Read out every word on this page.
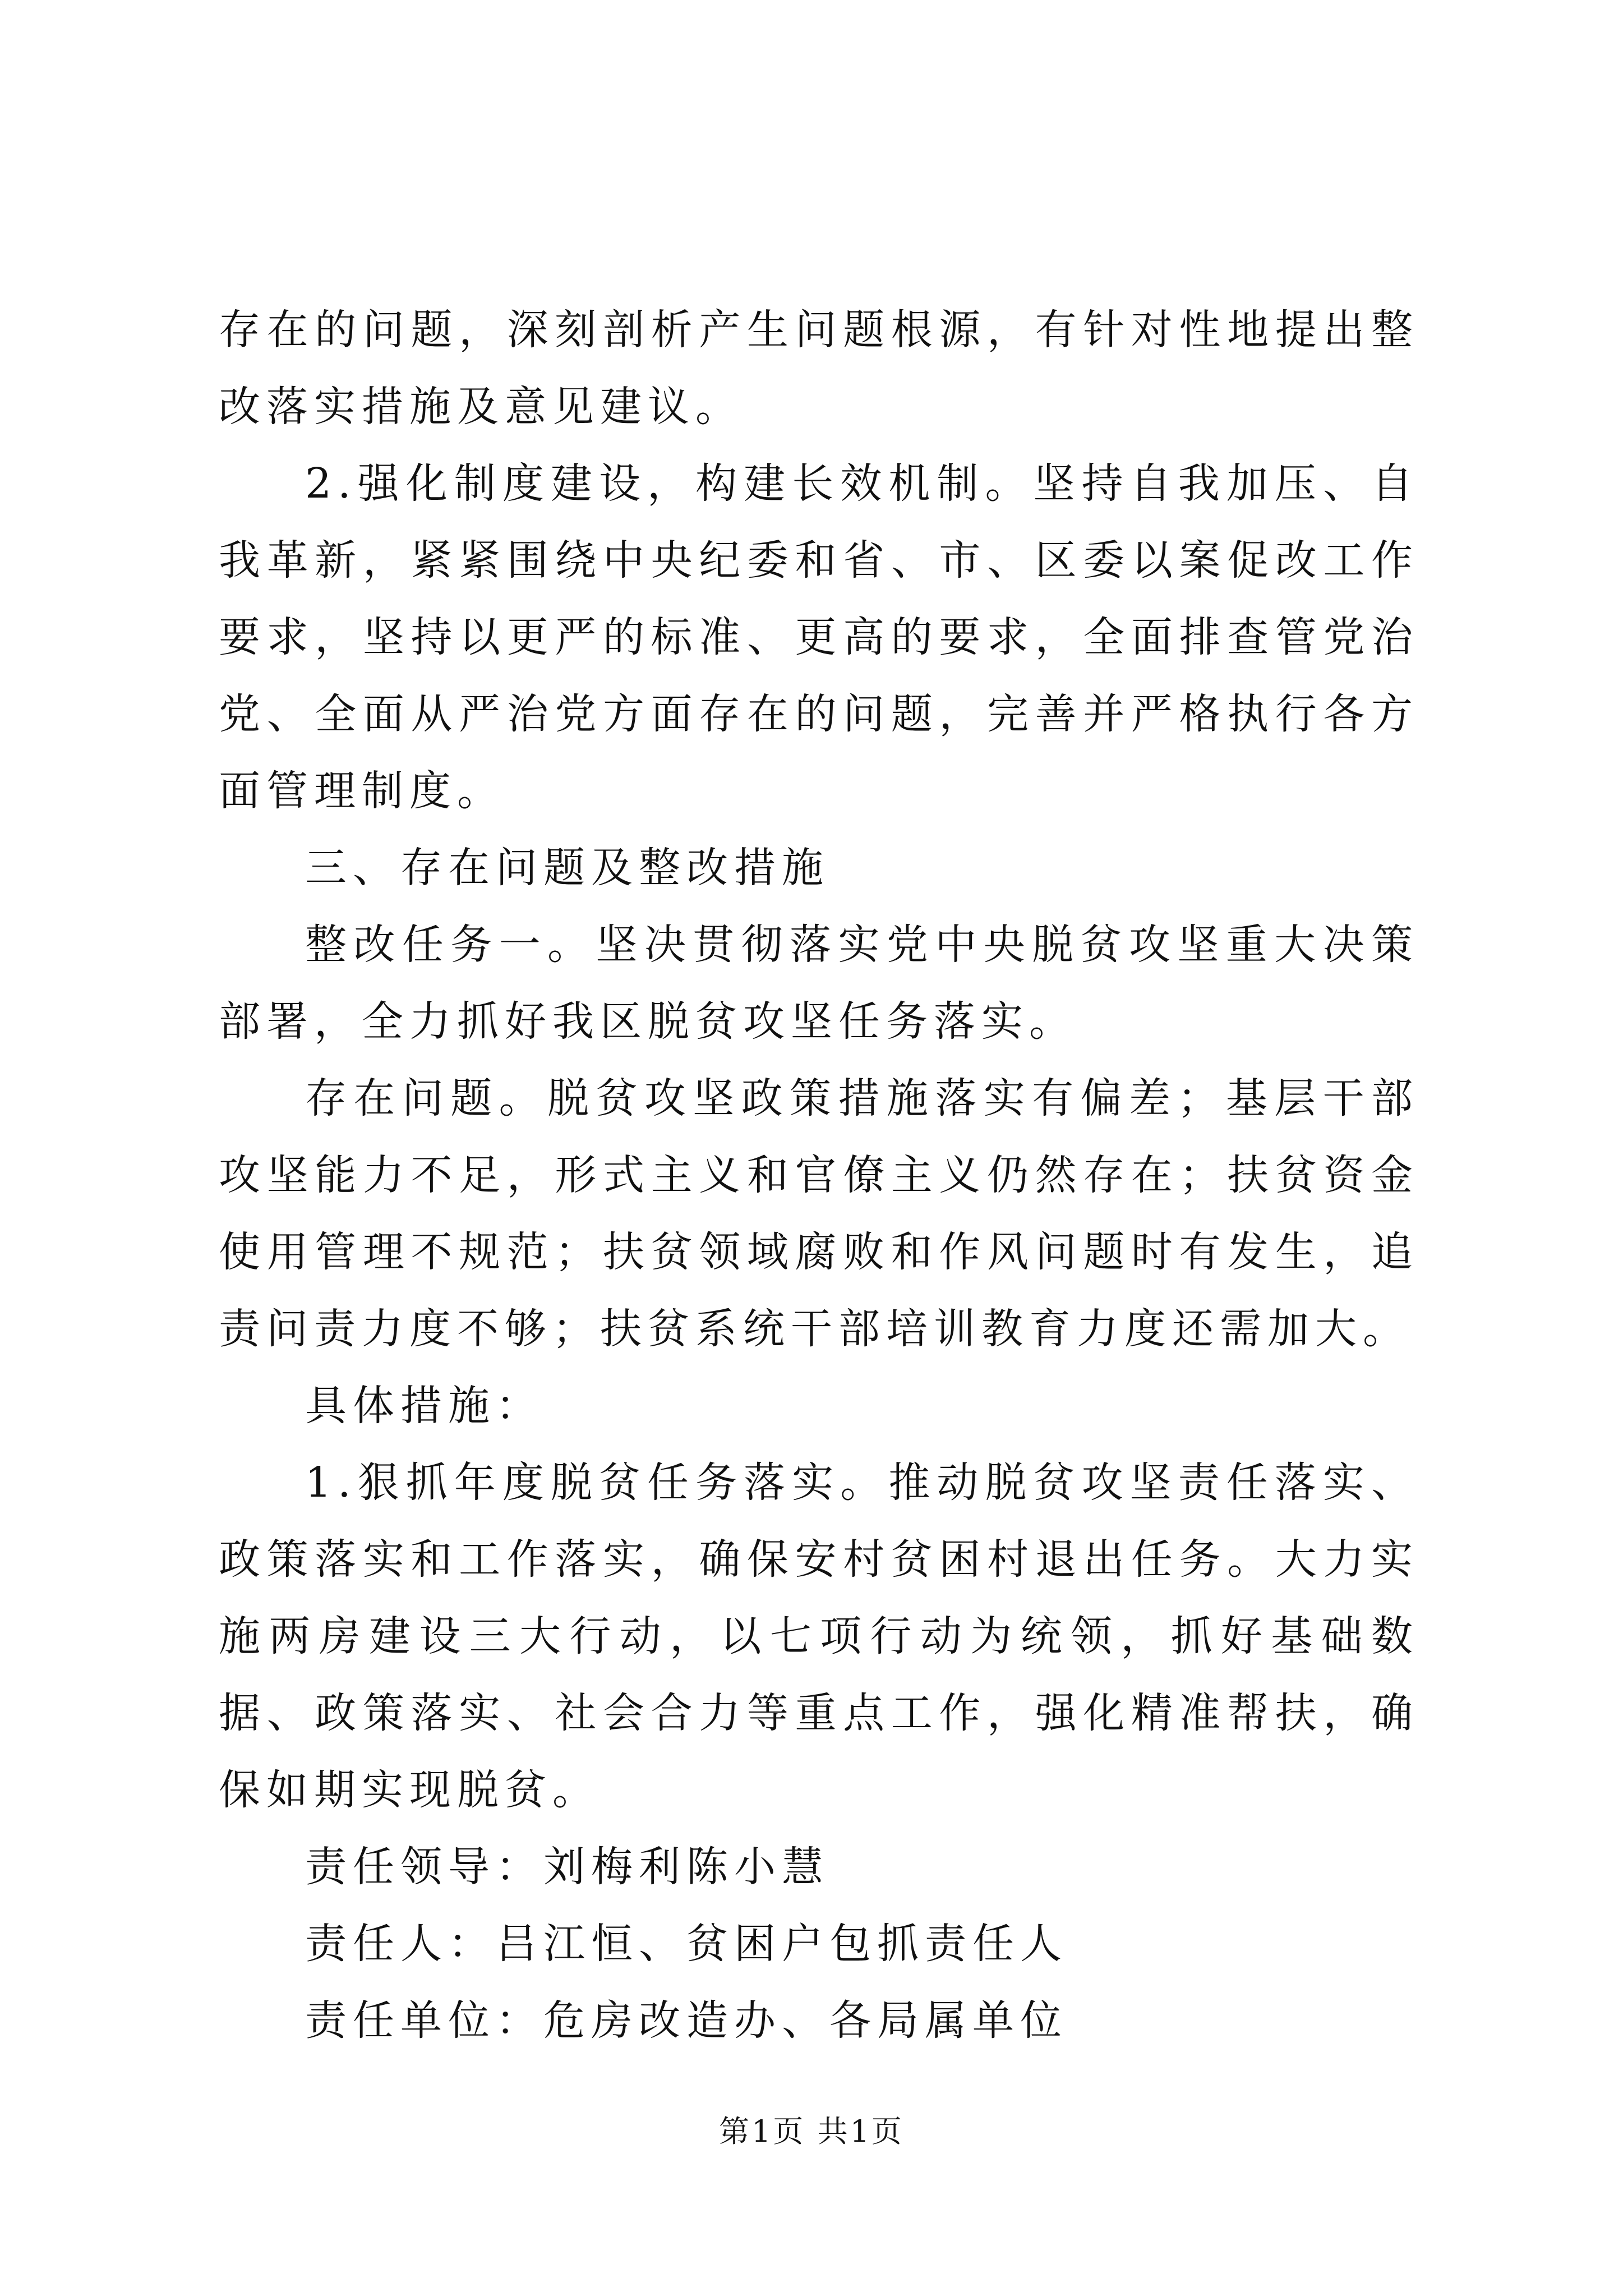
存在的问题，深刻剖析产生问题根源，有针对性地提出整改落实措施及意见建议。

2.强化制度建设，构建长效机制。坚持自我加压、自我革新，紧紧围绕中央纪委和省、市、区委以案促改工作要求，坚持以更严的标准、更高的要求，全面排查管党治党、全面从严治党方面存在的问题，完善并严格执行各方面管理制度。

三、存在问题及整改措施

整改任务一。坚决贯彻落实党中央脱贫攻坚重大决策部署，全力抓好我区脱贫攻坚任务落实。

存在问题。脱贫攻坚政策措施落实有偏差；基层干部攻坚能力不足，形式主义和官僚主义仍然存在；扶贫资金使用管理不规范；扶贫领域腐败和作风问题时有发生，追责问责力度不够；扶贫系统干部培训教育力度还需加大。

具体措施：

1.狠抓年度脱贫任务落实。推动脱贫攻坚责任落实、政策落实和工作落实，确保安村贫困村退出任务。大力实施两房建设三大行动，以七项行动为统领，抓好基础数据、政策落实、社会合力等重点工作，强化精准帮扶，确保如期实现脱贫。

责任领导：刘梅利陈小慧

责任人：吕江恒、贫困户包抓责任人

责任单位：危房改造办、各局属单位

第1页 共1页
